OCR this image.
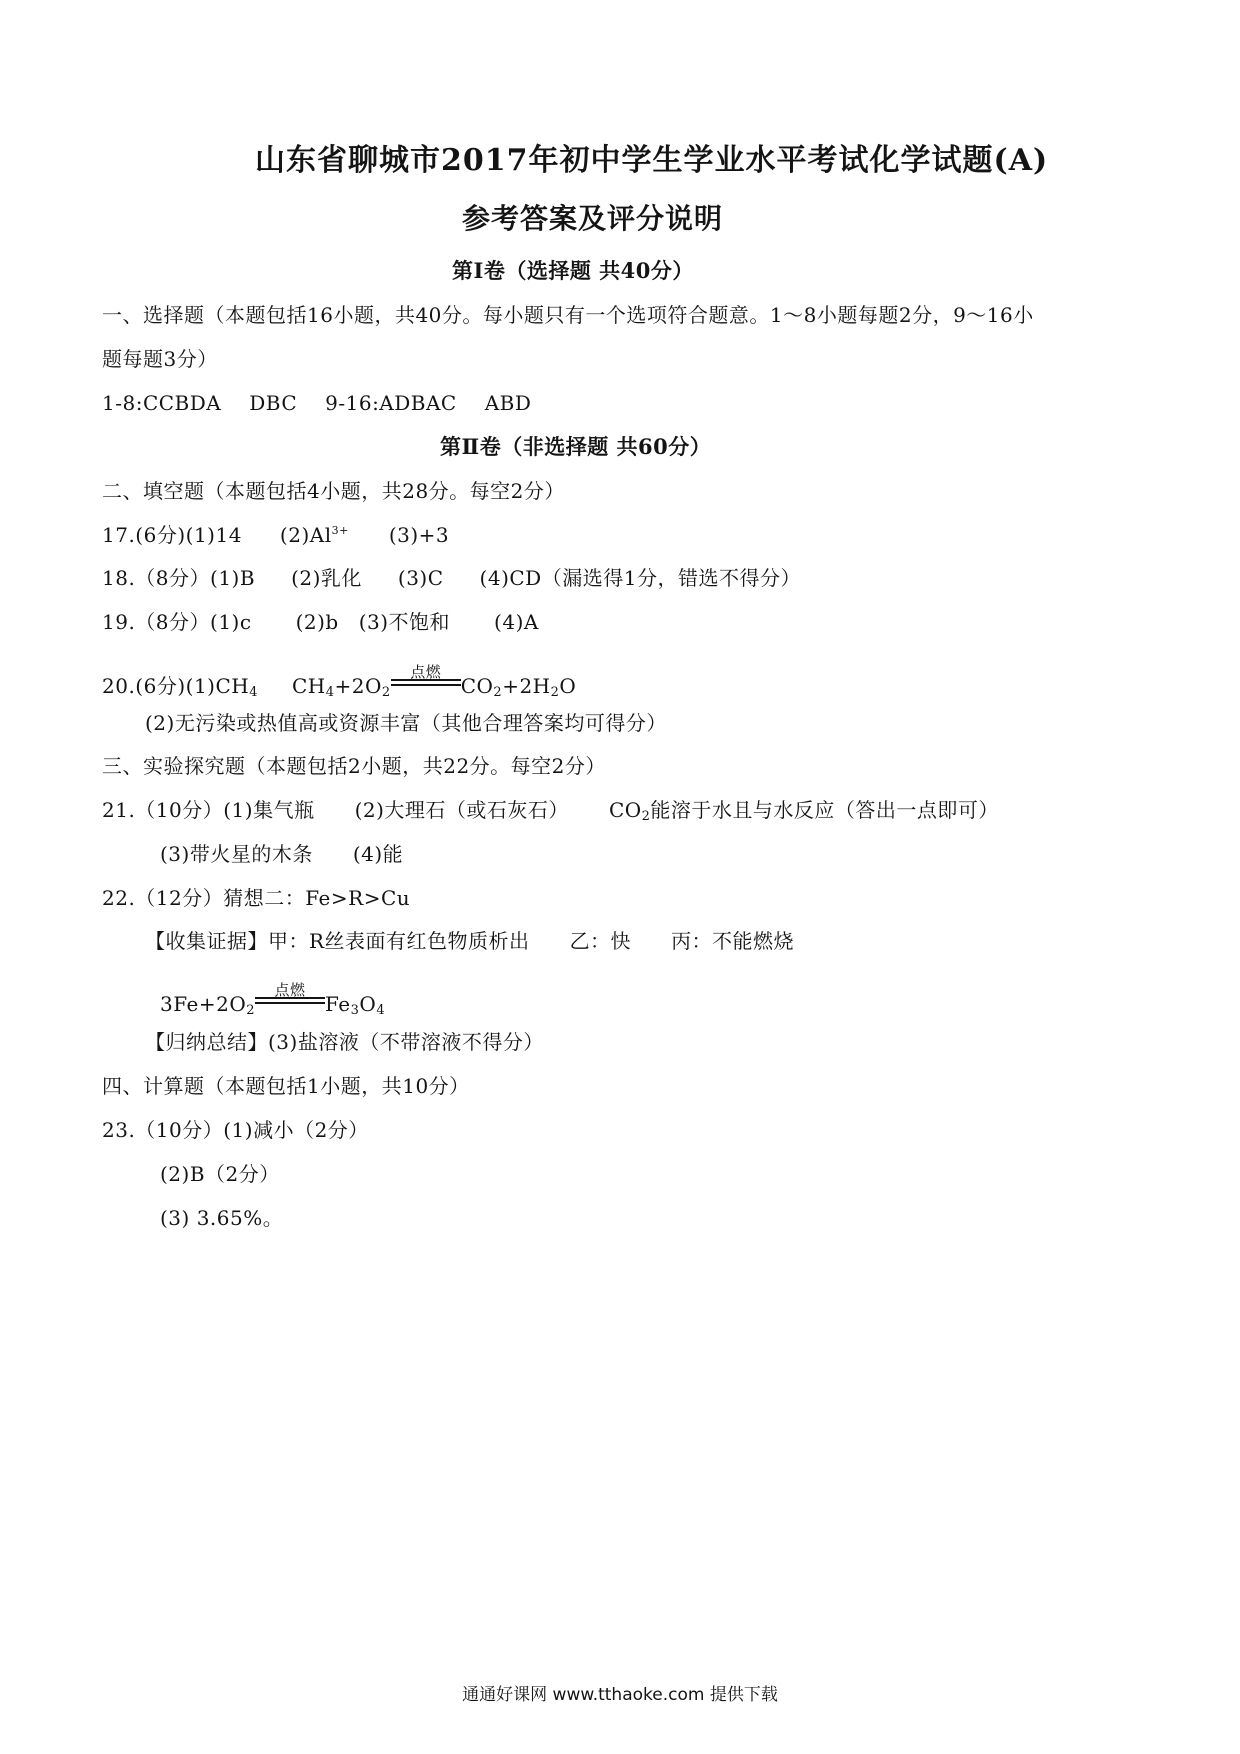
山东省聊城市2017年初中学生学业水平考试化学试题(A)
参考答案及评分说明
第Ⅰ卷（选择题 共40分）
一、选择题（本题包括16小题，共40分。每小题只有一个选项符合题意。1～8小题每题2分，9～16小
题每题3分）
1-8:CCBDA DBC 9-16:ADBAC ABD
第Ⅱ卷（非选择题 共60分）
二、填空题（本题包括4小题，共28分。每空2分）
17.(6分)(1)14 $(2)Al^{3+}$ (3)+3
18.（8分）(1)B (2)乳化 (3)C (4)CD（漏选得1分，错选不得分）
19.（8分）(1)c (2)b (3)不饱和 (4)A
20.(6分)$(1)CH_4$ $CH_4+2O_2$
点燃
$CO_2+2H_2O$
(2)无污染或热值高或资源丰富（其他合理答案均可得分）
三、实验探究题（本题包括2小题，共22分。每空2分）
21.（10分）(1)集气瓶 (2)大理石（或石灰石） $CO_2$能溶于水且与水反应（答出一点即可）
(3)带火星的木条 (4)能
22.（12分）猜想二：Fe>R>Cu
【收集证据】甲：R丝表面有红色物质析出 乙：快 丙：不能燃烧
$3Fe+2O_2$
点燃
$Fe_3O_4$
【归纳总结】(3)盐溶液（不带溶液不得分）
四、计算题（本题包括1小题，共10分）
23.（10分）(1)减小（2分）
(2)B（2分）
(3) 3.65%。
通通好课网 www.tthaoke.com 提供下载
